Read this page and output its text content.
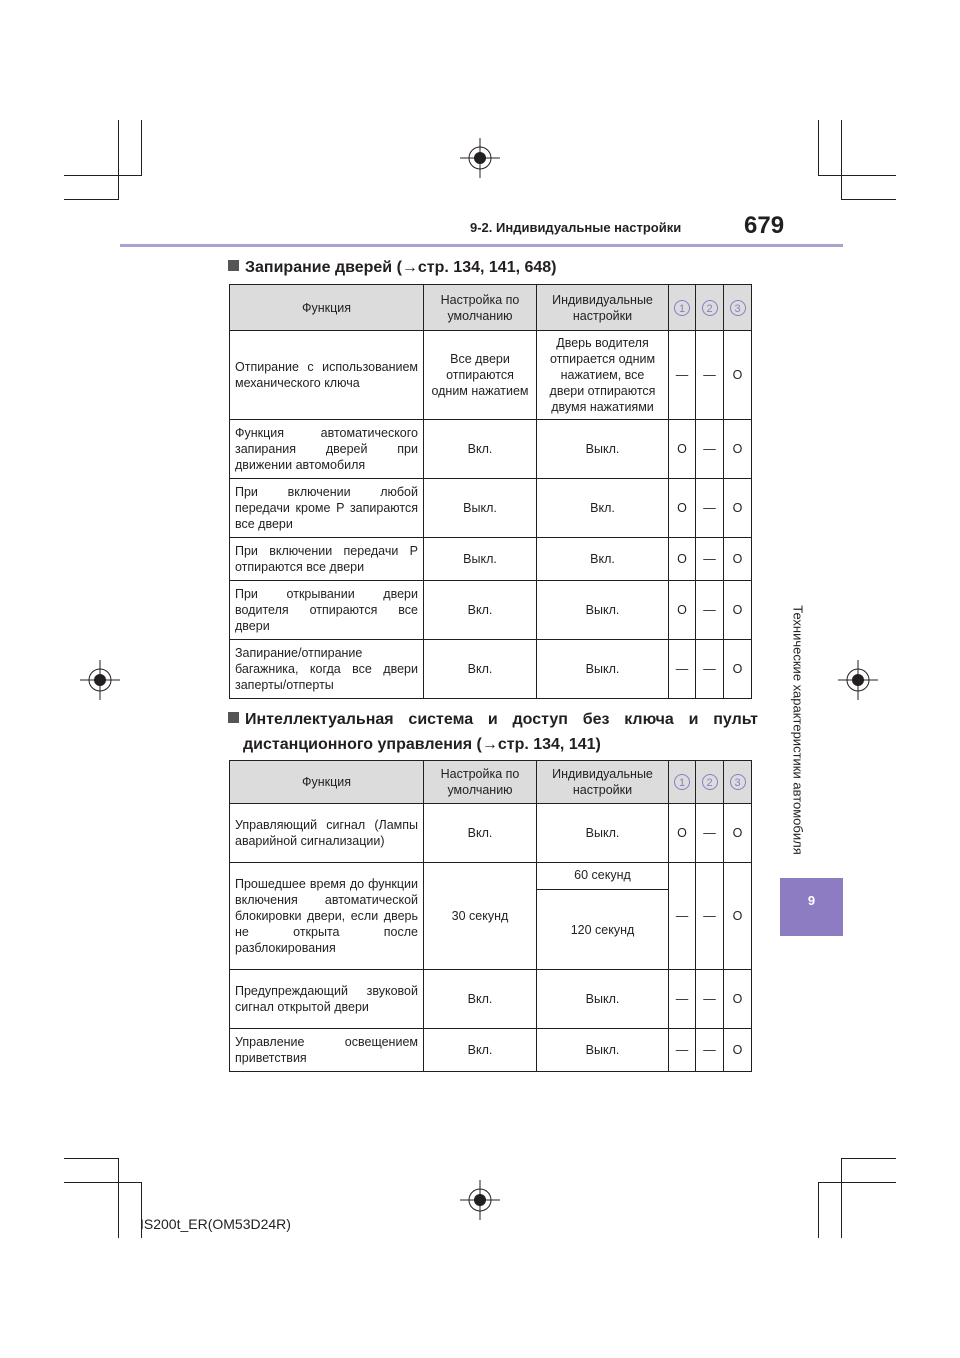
9-2. Индивидуальные настройки	679
Технические характеристики автомобиля
9
Запирание дверей (→стр. 134, 141, 648)
Функция	Настройка по умолчанию	Индивидуальные настройки	1	2	3
Отпирание с использованием механического ключа	Все двери отпираются одним нажатием	Дверь водителя отпирается одним нажатием, все двери отпираются двумя нажатиями	—	—	O
Функция автоматического запирания дверей при движении автомобиля	Вкл.	Выкл.	O	—	O
При включении любой передачи кроме P запираются все двери	Выкл.	Вкл.	O	—	O
При включении передачи P отпираются все двери	Выкл.	Вкл.	O	—	O
При открывании двери водителя отпираются все двери	Вкл.	Выкл.	O	—	O
Запирание/отпирание багажника, когда все двери заперты/отперты	Вкл.	Выкл.	—	—	O
Интеллектуальная система и доступ без ключа и пульт
дистанционного управления (→стр. 134, 141)
Функция	Настройка по умолчанию	Индивидуальные настройки	1	2	3
Управляющий сигнал (Лампы аварийной сигнализации)	Вкл.	Выкл.	O	—	O
Прошедшее время до функции включения автоматической блокировки двери, если дверь не открыта после разблокирования	30 секунд	60 секунд	—	—	O
		120 секунд			
Предупреждающий звуковой сигнал открытой двери	Вкл.	Выкл.	—	—	O
Управление освещением приветствия	Вкл.	Выкл.	—	—	O
IS200t_ER(OM53D24R)
